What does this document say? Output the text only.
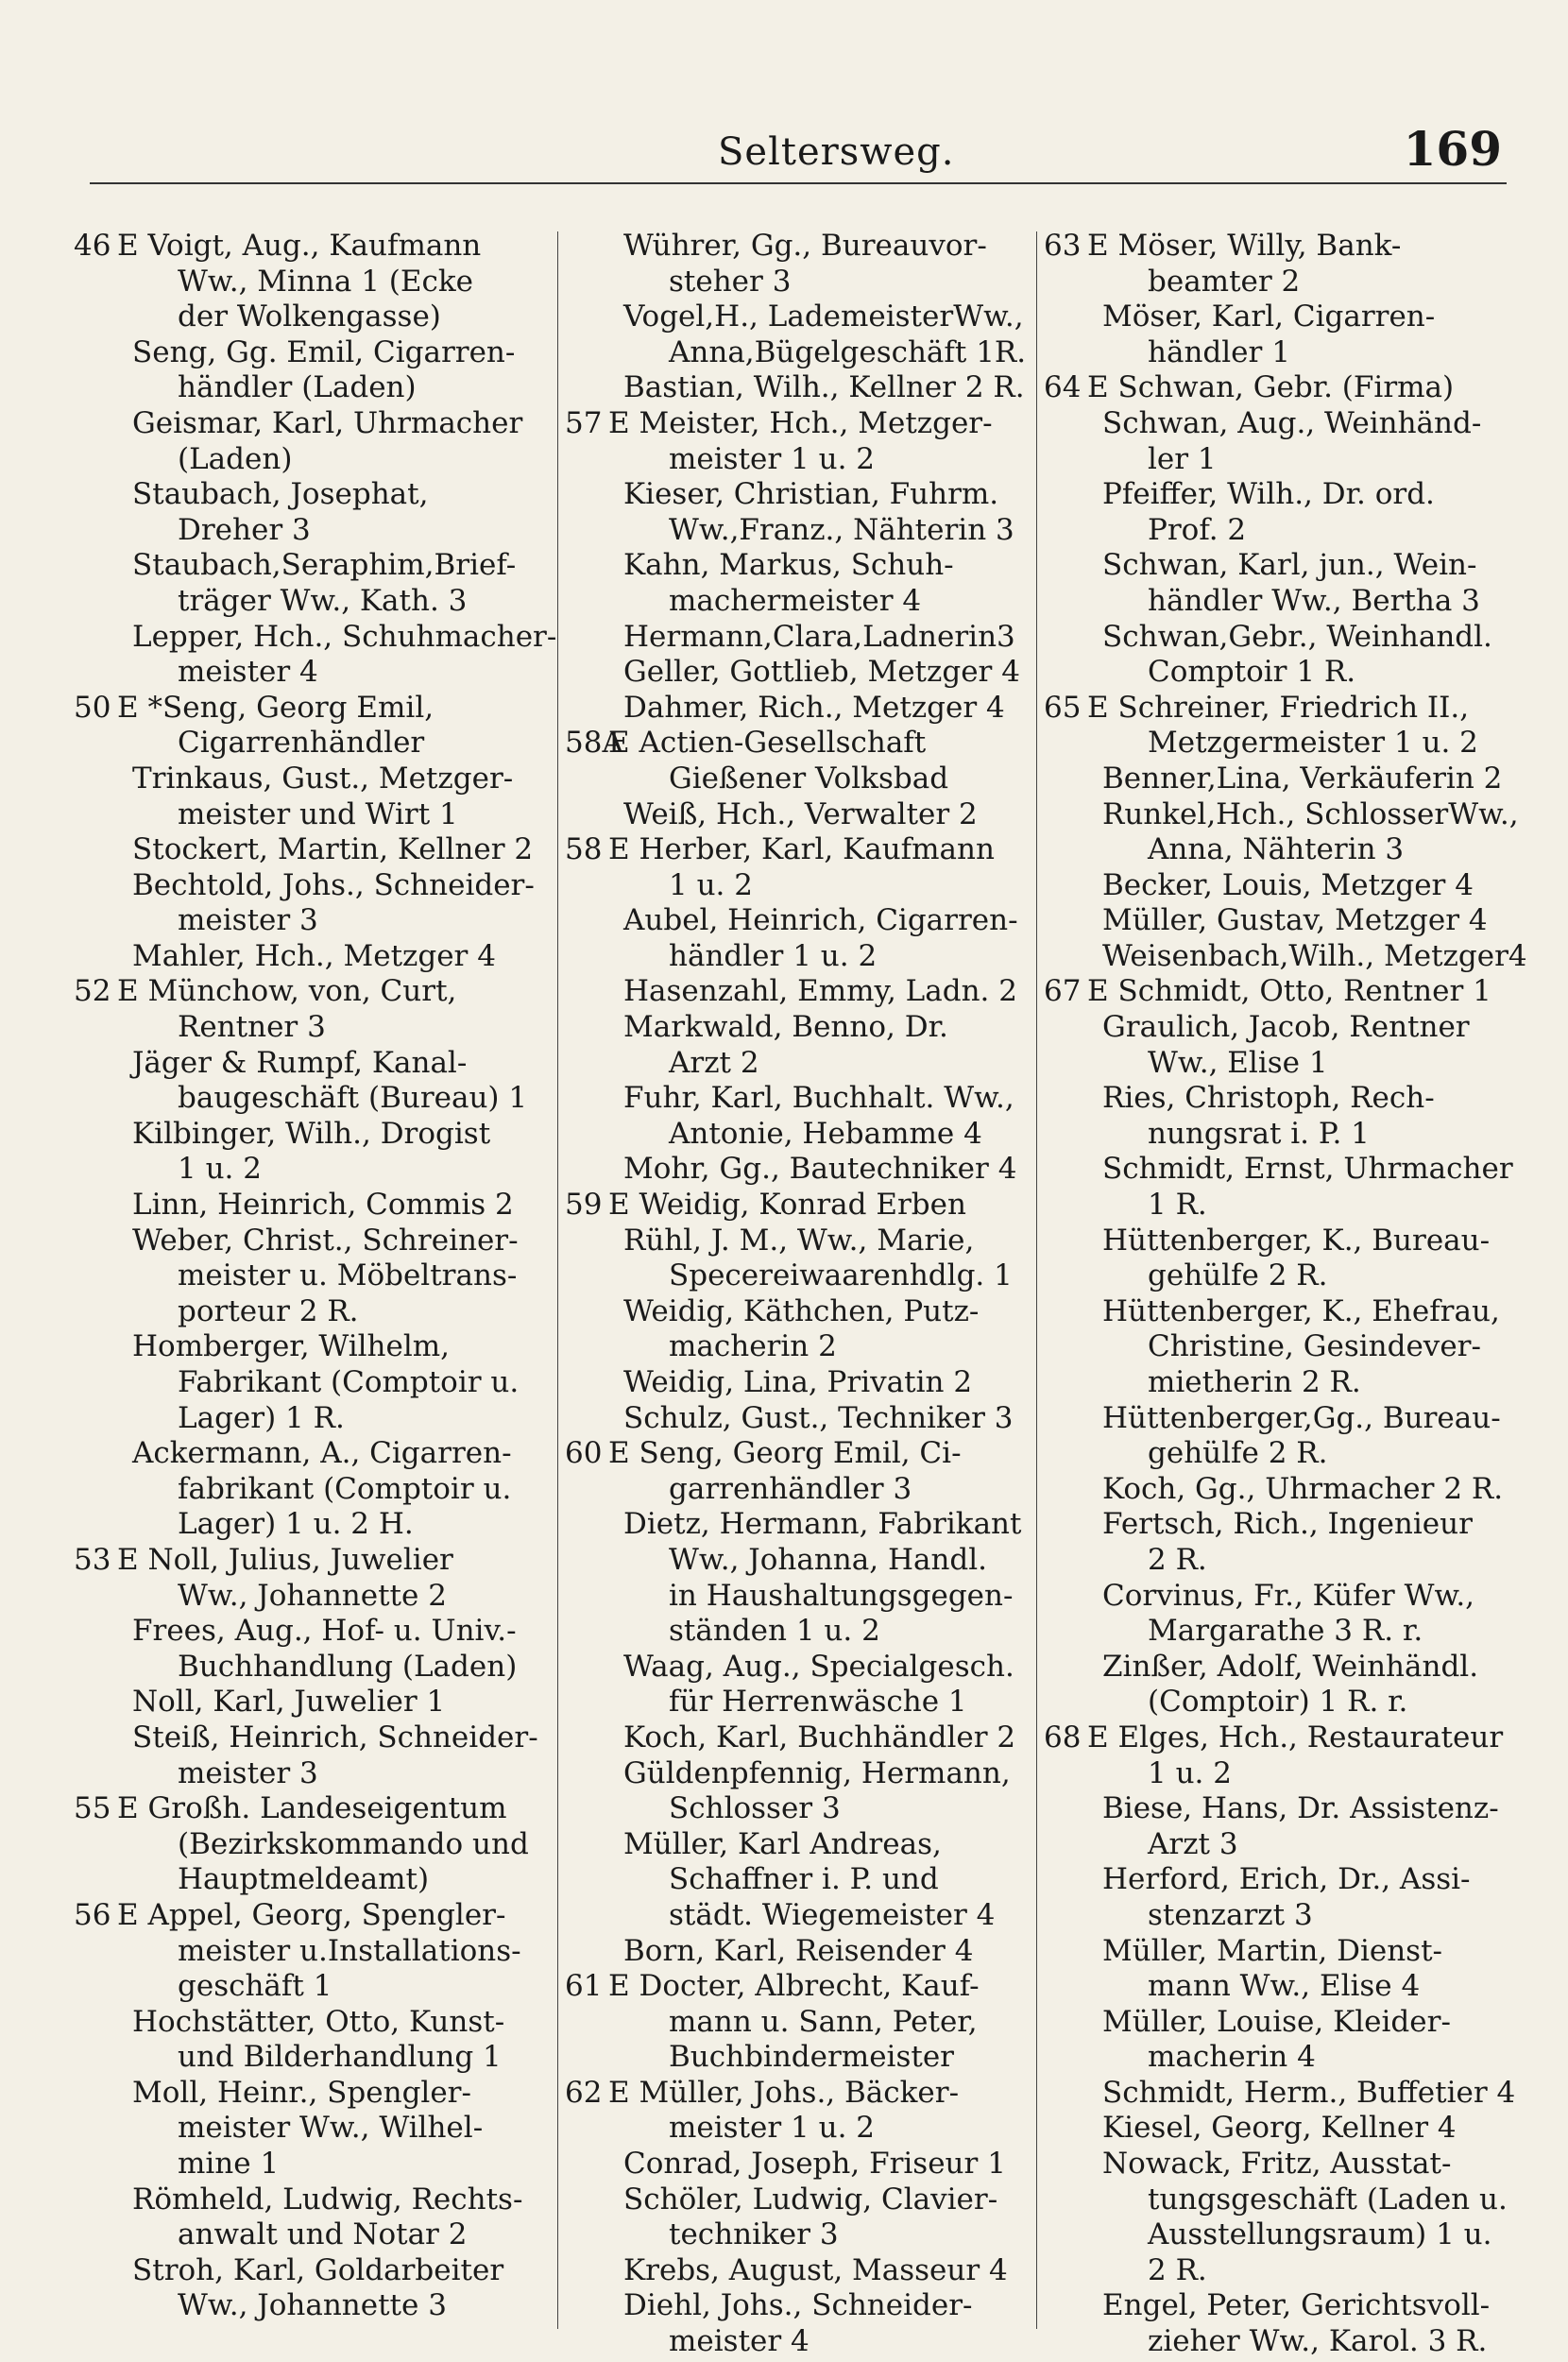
Seltersweg.	169
46 E Voigt, Aug., Kaufmann
Ww., Minna 1 (Ecke
der Wolkengasse)
Seng, Gg. Emil, Cigarren-
händler (Laden)
Geismar, Karl, Uhrmacher
(Laden)
Staubach, Josephat,
Dreher 3
Staubach,Seraphim,Brief-
träger Ww., Kath. 3
Lepper, Hch., Schuhmacher-
meister 4
50 E *Seng, Georg Emil,
Cigarrenhändler
Trinkaus, Gust., Metzger-
meister und Wirt 1
Stockert, Martin, Kellner 2
Bechtold, Johs., Schneider-
meister 3
Mahler, Hch., Metzger 4
52 E Münchow, von, Curt,
Rentner 3
Jäger & Rumpf, Kanal-
baugeschäft (Bureau) 1
Kilbinger, Wilh., Drogist
1 u. 2
Linn, Heinrich, Commis 2
Weber, Christ., Schreiner-
meister u. Möbeltrans-
porteur 2 R.
Homberger, Wilhelm,
Fabrikant (Comptoir u.
Lager) 1 R.
Ackermann, A., Cigarren-
fabrikant (Comptoir u.
Lager) 1 u. 2 H.
53 E Noll, Julius, Juwelier
Ww., Johannette 2
Frees, Aug., Hof- u. Univ.-
Buchhandlung (Laden)
Noll, Karl, Juwelier 1
Steiß, Heinrich, Schneider-
meister 3
55 E Großh. Landeseigentum
(Bezirkskommando und
Hauptmeldeamt)
56 E Appel, Georg, Spengler-
meister u.Installations-
geschäft 1
Hochstätter, Otto, Kunst-
und Bilderhandlung 1
Moll, Heinr., Spengler-
meister Ww., Wilhel-
mine 1
Römheld, Ludwig, Rechts-
anwalt und Notar 2
Stroh, Karl, Goldarbeiter
Ww., Johannette 3
Wührer, Gg., Bureauvor-
steher 3
Vogel,H., LademeisterWw.,
Anna,Bügelgeschäft 1R.
Bastian, Wilh., Kellner 2 R.
57 E Meister, Hch., Metzger-
meister 1 u. 2
Kieser, Christian, Fuhrm.
Ww.,Franz., Nähterin 3
Kahn, Markus, Schuh-
machermeister 4
Hermann,Clara,Ladnerin3
Geller, Gottlieb, Metzger 4
Dahmer, Rich., Metzger 4
58AE Actien-Gesellschaft
Gießener Volksbad
Weiß, Hch., Verwalter 2
58 E Herber, Karl, Kaufmann
1 u. 2
Aubel, Heinrich, Cigarren-
händler 1 u. 2
Hasenzahl, Emmy, Ladn. 2
Markwald, Benno, Dr.
Arzt 2
Fuhr, Karl, Buchhalt. Ww.,
Antonie, Hebamme 4
Mohr, Gg., Bautechniker 4
59 E Weidig, Konrad Erben
Rühl, J. M., Ww., Marie,
Specereiwaarenhdlg. 1
Weidig, Käthchen, Putz-
macherin 2
Weidig, Lina, Privatin 2
Schulz, Gust., Techniker 3
60 E Seng, Georg Emil, Ci-
garrenhändler 3
Dietz, Hermann, Fabrikant
Ww., Johanna, Handl.
in Haushaltungsgegen-
ständen 1 u. 2
Waag, Aug., Specialgesch.
für Herrenwäsche 1
Koch, Karl, Buchhändler 2
Güldenpfennig, Hermann,
Schlosser 3
Müller, Karl Andreas,
Schaffner i. P. und
städt. Wiegemeister 4
Born, Karl, Reisender 4
61 E Docter, Albrecht, Kauf-
mann u. Sann, Peter,
Buchbindermeister
62 E Müller, Johs., Bäcker-
meister 1 u. 2
Conrad, Joseph, Friseur 1
Schöler, Ludwig, Clavier-
techniker 3
Krebs, August, Masseur 4
Diehl, Johs., Schneider-
meister 4
63 E Möser, Willy, Bank-
beamter 2
Möser, Karl, Cigarren-
händler 1
64 E Schwan, Gebr. (Firma)
Schwan, Aug., Weinhänd-
ler 1
Pfeiffer, Wilh., Dr. ord.
Prof. 2
Schwan, Karl, jun., Wein-
händler Ww., Bertha 3
Schwan,Gebr., Weinhandl.
Comptoir 1 R.
65 E Schreiner, Friedrich II.,
Metzgermeister 1 u. 2
Benner,Lina, Verkäuferin 2
Runkel,Hch., SchlosserWw.,
Anna, Nähterin 3
Becker, Louis, Metzger 4
Müller, Gustav, Metzger 4
Weisenbach,Wilh., Metzger4
67 E Schmidt, Otto, Rentner 1
Graulich, Jacob, Rentner
Ww., Elise 1
Ries, Christoph, Rech-
nungsrat i. P. 1
Schmidt, Ernst, Uhrmacher
1 R.
Hüttenberger, K., Bureau-
gehülfe 2 R.
Hüttenberger, K., Ehefrau,
Christine, Gesindever-
mietherin 2 R.
Hüttenberger,Gg., Bureau-
gehülfe 2 R.
Koch, Gg., Uhrmacher 2 R.
Fertsch, Rich., Ingenieur
2 R.
Corvinus, Fr., Küfer Ww.,
Margarathe 3 R. r.
Zinßer, Adolf, Weinhändl.
(Comptoir) 1 R. r.
68 E Elges, Hch., Restaurateur
1 u. 2
Biese, Hans, Dr. Assistenz-
Arzt 3
Herford, Erich, Dr., Assi-
stenzarzt 3
Müller, Martin, Dienst-
mann Ww., Elise 4
Müller, Louise, Kleider-
macherin 4
Schmidt, Herm., Buffetier 4
Kiesel, Georg, Kellner 4
Nowack, Fritz, Ausstat-
tungsgeschäft (Laden u.
Ausstellungsraum) 1 u.
2 R.
Engel, Peter, Gerichtsvoll-
zieher Ww., Karol. 3 R.
